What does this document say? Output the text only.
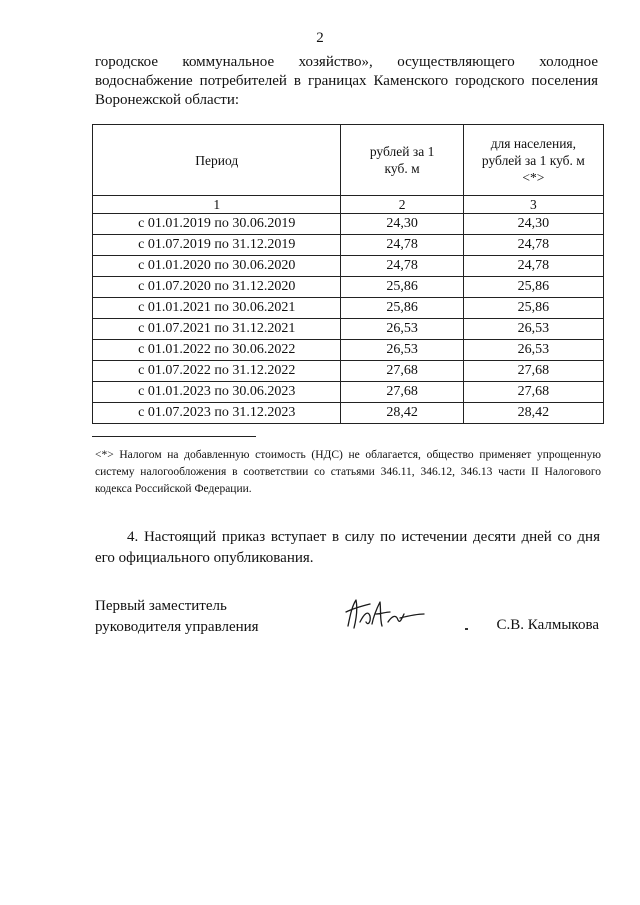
2
городское коммунальное хозяйство», осуществляющего холодное водоснабжение потребителей в границах Каменского городского поселения Воронежской области:
Период	рублей за 1 куб. м	для населения, рублей за 1 куб. м <*>

1	2	3
с 01.01.2019 по 30.06.2019	24,30	24,30
с 01.07.2019 по 31.12.2019	24,78	24,78
с 01.01.2020 по 30.06.2020	24,78	24,78
с 01.07.2020 по 31.12.2020	25,86	25,86
с 01.01.2021 по 30.06.2021	25,86	25,86
с 01.07.2021 по 31.12.2021	26,53	26,53
с 01.01.2022 по 30.06.2022	26,53	26,53
с 01.07.2022 по 31.12.2022	27,68	27,68
с 01.01.2023 по 30.06.2023	27,68	27,68
с 01.07.2023 по 31.12.2023	28,42	28,42
<*> Налогом на добавленную стоимость (НДС) не облагается, общество применяет упрощенную систему налогообложения в соответствии со статьями 346.11, 346.12, 346.13 части II Налогового кодекса Российской Федерации.
4. Настоящий приказ вступает в силу по истечении десяти дней со дня его официального опубликования.
Первый заместитель
руководителя управления	С.В. Калмыкова
